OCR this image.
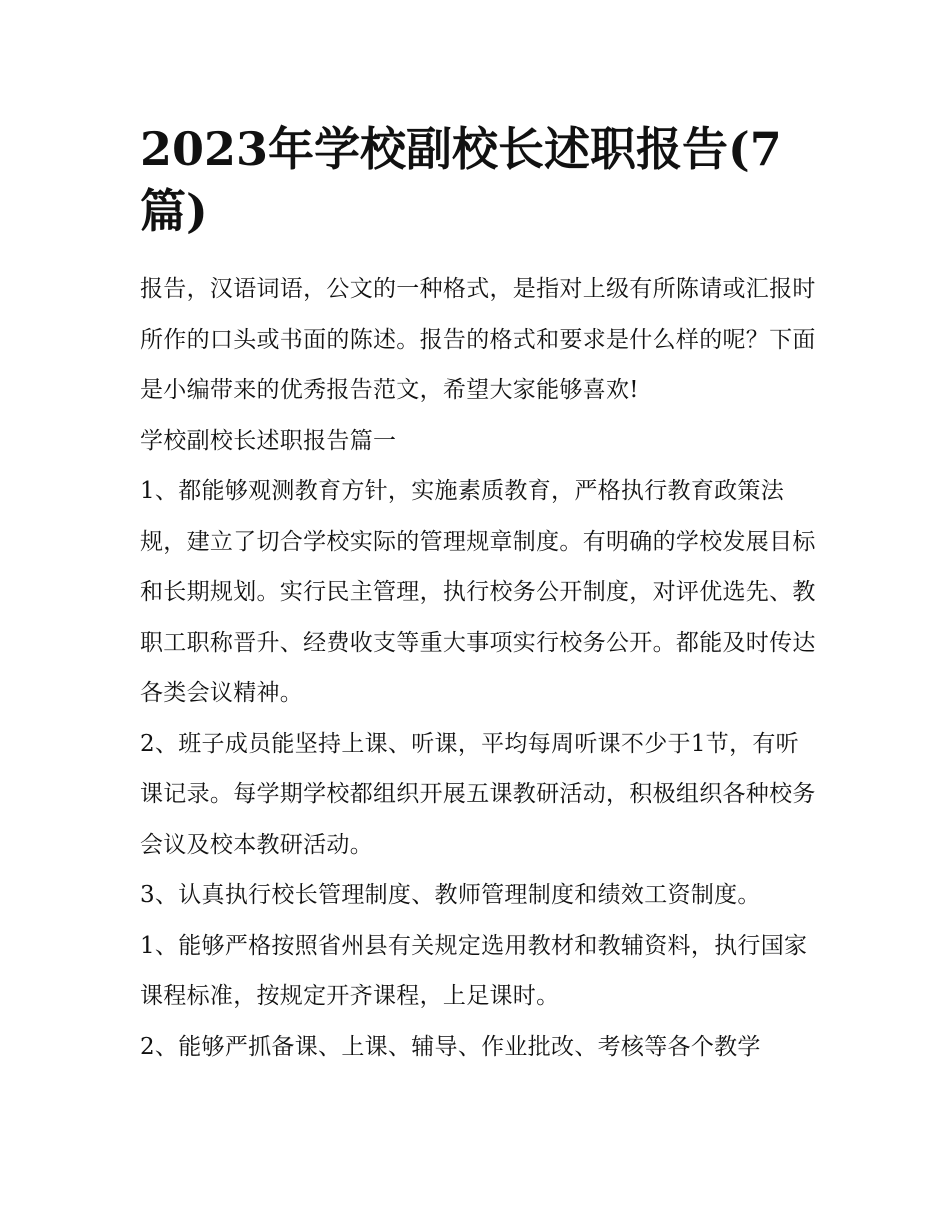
2023年学校副校长述职报告(7篇)

报告，汉语词语，公文的一种格式，是指对上级有所陈请或汇报时所作的口头或书面的陈述。报告的格式和要求是什么样的呢？下面是小编带来的优秀报告范文，希望大家能够喜欢!

学校副校长述职报告篇一

1、都能够观测教育方针，实施素质教育，严格执行教育政策法规，建立了切合学校实际的管理规章制度。有明确的学校发展目标和长期规划。实行民主管理，执行校务公开制度，对评优选先、教职工职称晋升、经费收支等重大事项实行校务公开。都能及时传达各类会议精神。

2、班子成员能坚持上课、听课，平均每周听课不少于1节，有听课记录。每学期学校都组织开展五课教研活动，积极组织各种校务会议及校本教研活动。

3、认真执行校长管理制度、教师管理制度和绩效工资制度。

1、能够严格按照省州县有关规定选用教材和教辅资料，执行国家课程标准，按规定开齐课程，上足课时。

2、能够严抓备课、上课、辅导、作业批改、考核等各个教学
